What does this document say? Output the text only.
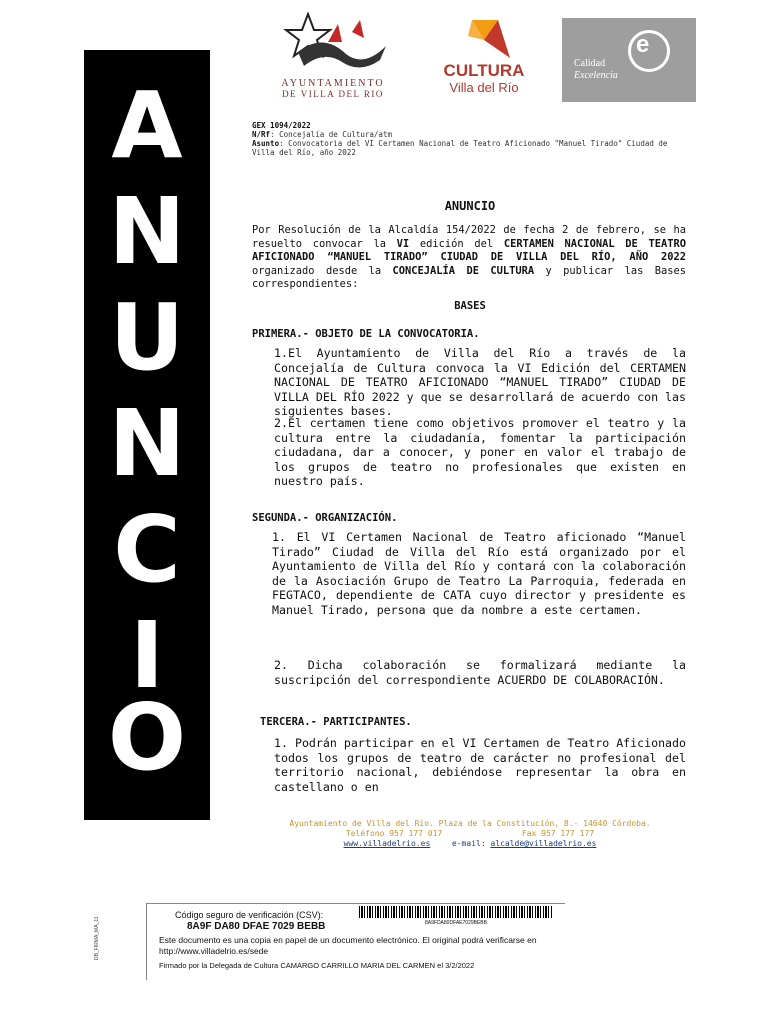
AYUNTAMIENTO
DE VILLA DEL RIO
CULTURA
Villa del Río
Calidad
Excelencia
e
A
N
U
N
C
I
O
GEX 1094/2022
N/Rf: Concejalía de Cultura/atm
Asunto: Convocatoria del VI Certamen Nacional de Teatro Aficionado "Manuel Tirado" Ciudad de Villa del Río, año 2022
ANUNCIO
Por Resolución de la Alcaldía 154/2022 de fecha 2 de febrero, se ha resuelto convocar la VI edición del CERTAMEN NACIONAL DE TEATRO AFICIONADO “MANUEL TIRADO” CIUDAD DE VILLA DEL RÍO, AÑO 2022 organizado desde la CONCEJALÍA DE CULTURA y publicar las Bases correspondientes:
BASES
PRIMERA.- OBJETO DE LA CONVOCATORIA.
1.El Ayuntamiento de Villa del Río a través de la Concejalía de Cultura convoca la VI Edición del CERTAMEN NACIONAL DE TEATRO AFICIONADO “MANUEL TIRADO” CIUDAD DE VILLA DEL RÍO 2022 y que se desarrollará de acuerdo con las siguientes bases.
2.El certamen tiene como objetivos promover el teatro y la cultura entre la ciudadanía, fomentar la participación ciudadana, dar a conocer, y poner en valor el trabajo de los grupos de teatro no profesionales que existen en nuestro país.
SEGUNDA.- ORGANIZACIÓN.
1. El VI Certamen Nacional de Teatro aficionado “Manuel Tirado” Ciudad de Villa del Río está organizado por el Ayuntamiento de Villa del Río y contará con la colaboración de la Asociación Grupo de Teatro La Parroquia, federada en FEGTACO, dependiente de CATA cuyo director y presidente es Manuel Tirado, persona que da nombre a este certamen.
2. Dicha colaboración se formalizará mediante la suscripción del correspondiente ACUERDO DE COLABORACIÓN.
TERCERA.- PARTICIPANTES.
1. Podrán participar en el VI Certamen de Teatro Aficionado todos los grupos de teatro de carácter no profesional del territorio nacional, debiéndose representar la obra en castellano o en
Ayuntamiento de Villa del Río. Plaza de la Constitución, 8.- 14640 Córdoba.
Teléfono 957 177 017	Fax 957 177 177
www.villadelrio.es	e-mail: alcalde@villadelrio.es
Código seguro de verificación (CSV):
8A9F DA80 DFAE 7029 BEBB	8A9FDA80DFAE7029BEBB
Este documento es una copia en papel de un documento electrónico. El original podrá verificarse en
http://www.villadelrio.es/sede
Firmado por la Delegada de Cultura CAMARGO CARRILLO MARIA DEL CARMEN el 3/2/2022
DB_FIRMA_MA_11
